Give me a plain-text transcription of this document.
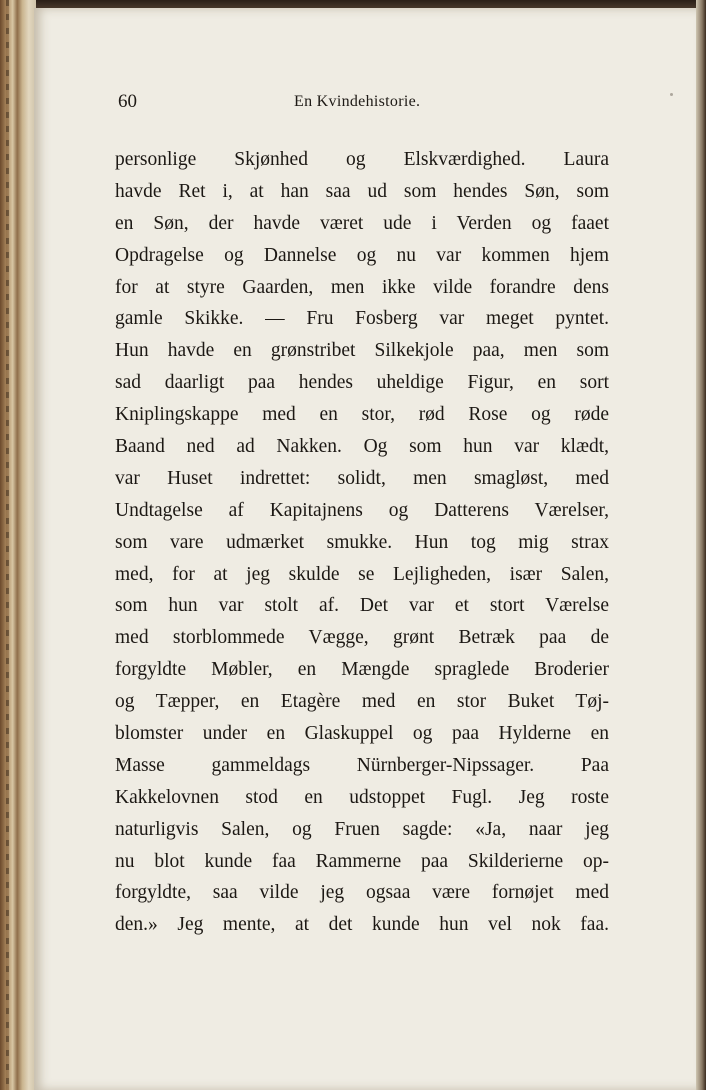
60	En Kvindehistorie.
personlige Skjønhed og Elskværdighed. Laura
havde Ret i, at han saa ud som hendes Søn, som
en Søn, der havde været ude i Verden og faaet
Opdragelse og Dannelse og nu var kommen hjem
for at styre Gaarden, men ikke vilde forandre dens
gamle Skikke. — Fru Fosberg var meget pyntet.
Hun havde en grønstribet Silkekjole paa, men som
sad daarligt paa hendes uheldige Figur, en sort
Kniplingskappe med en stor, rød Rose og røde
Baand ned ad Nakken. Og som hun var klædt,
var Huset indrettet: solidt, men smagløst, med
Undtagelse af Kapitajnens og Datterens Værelser,
som vare udmærket smukke. Hun tog mig strax
med, for at jeg skulde se Lejligheden, især Salen,
som hun var stolt af. Det var et stort Værelse
med storblommede Vægge, grønt Betræk paa de
forgyldte Møbler, en Mængde spraglede Broderier
og Tæpper, en Etagère med en stor Buket Tøj-
blomster under en Glaskuppel og paa Hylderne en
Masse gammeldags Nürnberger-Nipssager. Paa
Kakkelovnen stod en udstoppet Fugl. Jeg roste
naturligvis Salen, og Fruen sagde: «Ja, naar jeg
nu blot kunde faa Rammerne paa Skilderierne op-
forgyldte, saa vilde jeg ogsaa være fornøjet med
den.» Jeg mente, at det kunde hun vel nok faa.
